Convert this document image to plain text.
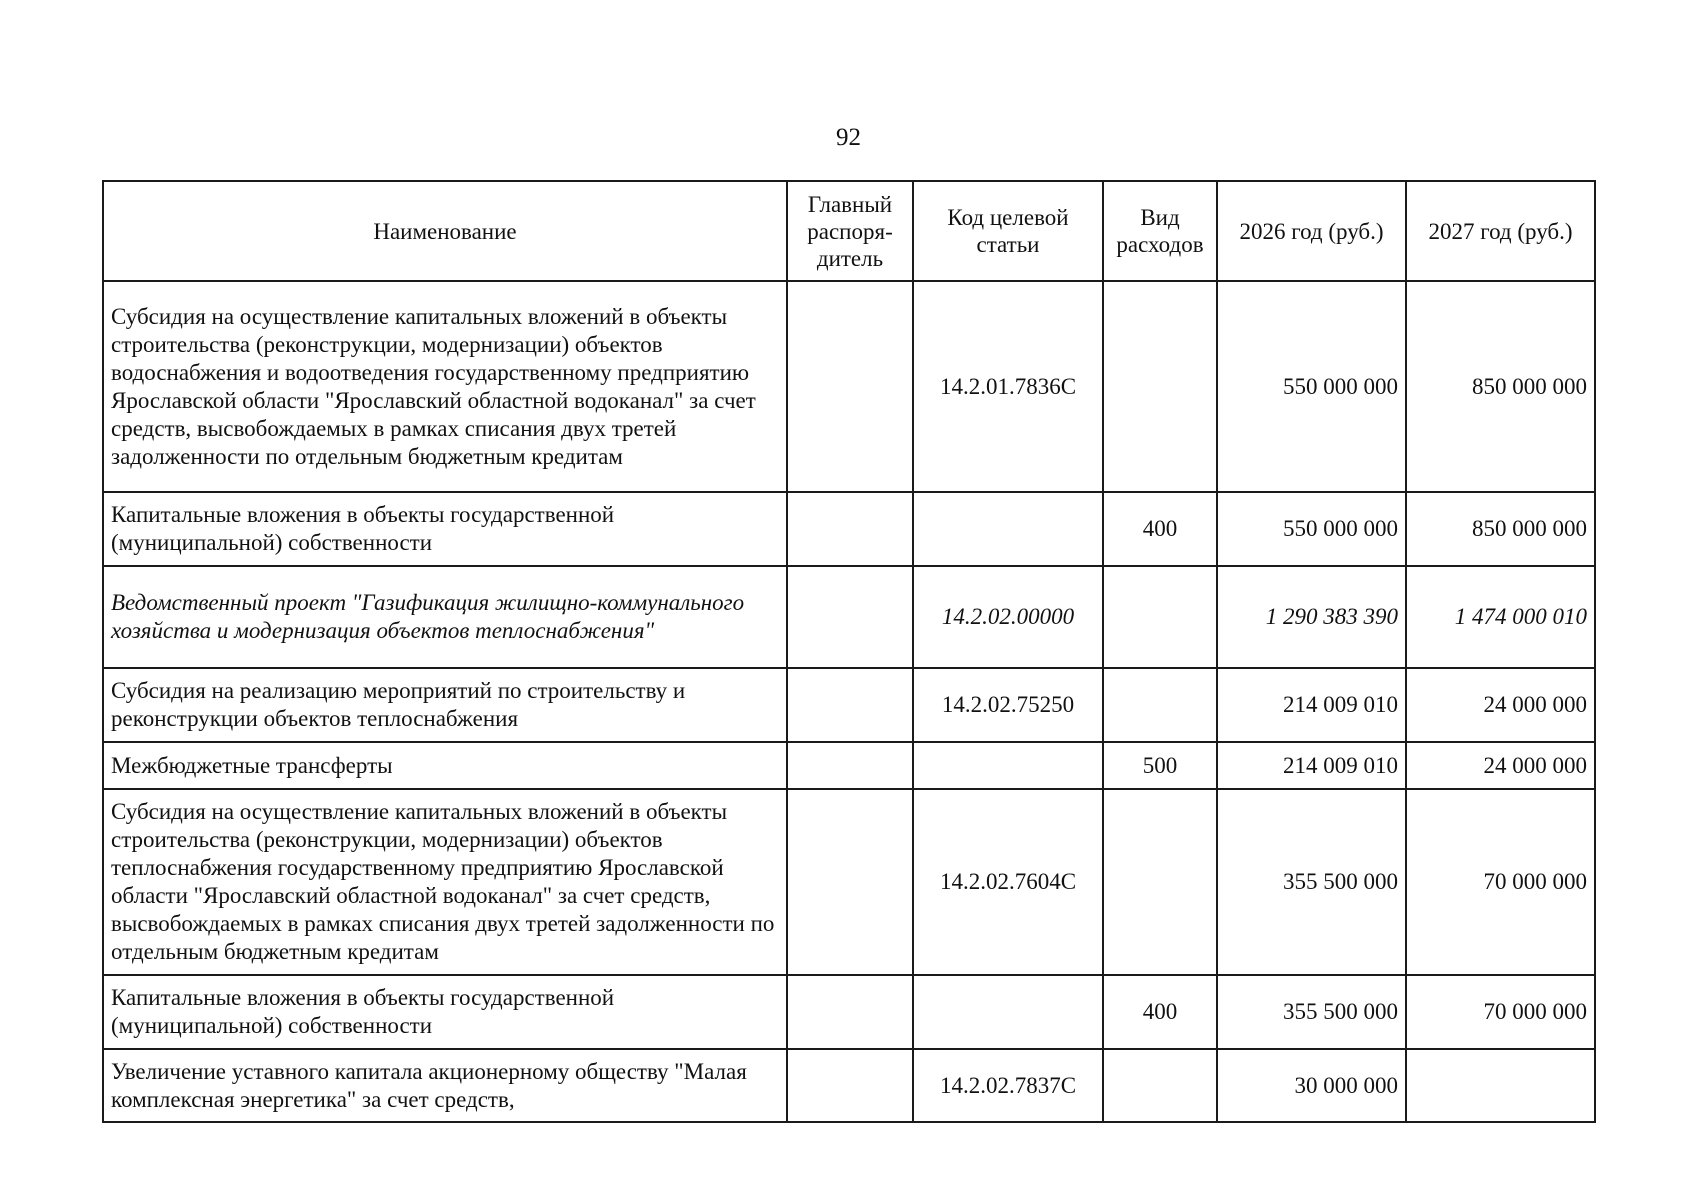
92
Наименование	Главный распоря-дитель	Код целевой статьи	Вид расходов	2026 год (руб.)	2027 год (руб.)
Субсидия на осуществление капитальных вложений в объекты строительства (реконструкции, модернизации) объектов водоснабжения и водоотведения государственному предприятию Ярославской области "Ярославский областной водоканал" за счет средств, высвобождаемых в рамках списания двух третей задолженности по отдельным бюджетным кредитам		14.2.01.7836С		550 000 000	850 000 000
Капитальные вложения в объекты государственной (муниципальной) собственности			400	550 000 000	850 000 000
Ведомственный проект "Газификация жилищно-коммунального хозяйства и модернизация объектов теплоснабжения"		14.2.02.00000		1 290 383 390	1 474 000 010
Субсидия на реализацию мероприятий по строительству и реконструкции объектов теплоснабжения		14.2.02.75250		214 009 010	24 000 000
Межбюджетные трансферты			500	214 009 010	24 000 000
Субсидия на осуществление капитальных вложений в объекты строительства (реконструкции, модернизации) объектов теплоснабжения государственному предприятию Ярославской области "Ярославский областной водоканал" за счет средств, высвобождаемых в рамках списания двух третей задолженности по отдельным бюджетным кредитам		14.2.02.7604С		355 500 000	70 000 000
Капитальные вложения в объекты государственной (муниципальной) собственности			400	355 500 000	70 000 000
Увеличение уставного капитала акционерному обществу "Малая комплексная энергетика" за счет средств,		14.2.02.7837С		30 000 000	
